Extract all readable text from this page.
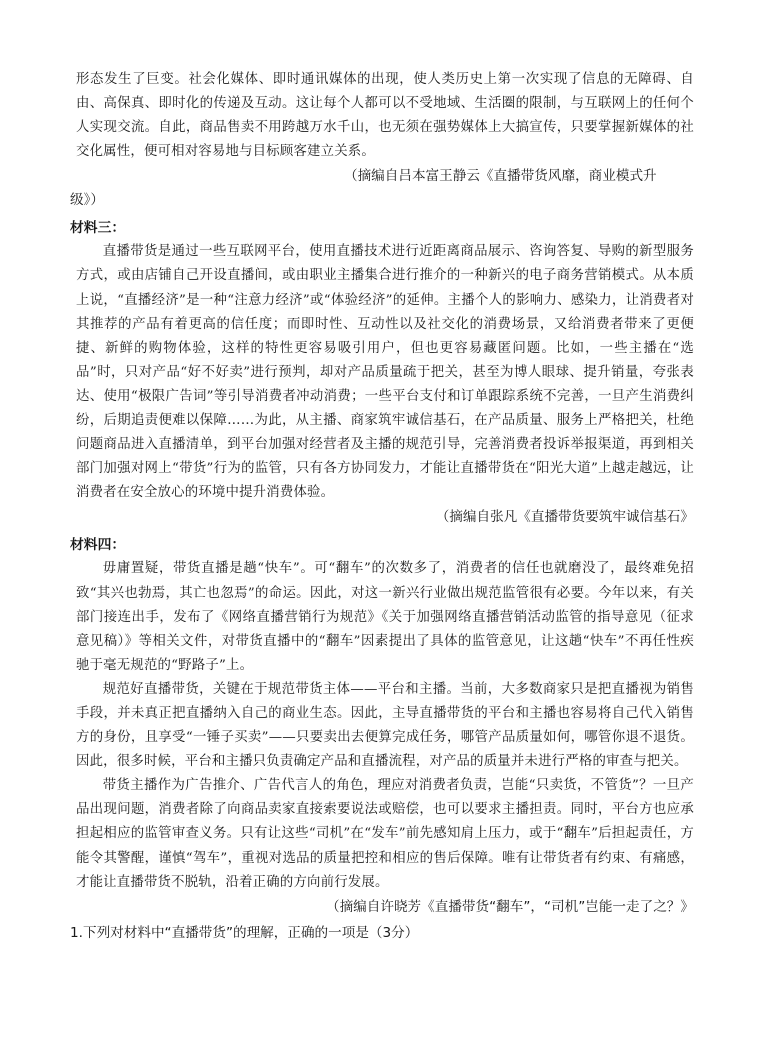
形态发生了巨变。社会化媒体、即时通讯媒体的出现，使人类历史上第一次实现了信息的无障碍、自由、高保真、即时化的传递及互动。这让每个人都可以不受地域、生活圈的限制，与互联网上的任何个人实现交流。自此，商品售卖不用跨越万水千山，也无须在强势媒体上大搞宣传，只要掌握新媒体的社交化属性，便可相对容易地与目标顾客建立关系。

（摘编自吕本富王静云《直播带货风靡，商业模式升

级》）

材料三：

直播带货是通过一些互联网平台，使用直播技术进行近距离商品展示、咨询答复、导购的新型服务方式，或由店铺自己开设直播间，或由职业主播集合进行推介的一种新兴的电子商务营销模式。从本质上说，“直播经济”是一种“注意力经济”或“体验经济”的延伸。主播个人的影响力、感染力，让消费者对其推荐的产品有着更高的信任度；而即时性、互动性以及社交化的消费场景，又给消费者带来了更便捷、新鲜的购物体验，这样的特性更容易吸引用户，但也更容易藏匿问题。比如，一些主播在“选品”时，只对产品“好不好卖”进行预判，却对产品质量疏于把关，甚至为博人眼球、提升销量，夸张表达、使用“极限广告词”等引导消费者冲动消费；一些平台支付和订单跟踪系统不完善，一旦产生消费纠纷，后期追责便难以保障……为此，从主播、商家筑牢诚信基石，在产品质量、服务上严格把关，杜绝问题商品进入直播清单，到平台加强对经营者及主播的规范引导，完善消费者投诉举报渠道，再到相关部门加强对网上“带货”行为的监管，只有各方协同发力，才能让直播带货在“阳光大道”上越走越远，让消费者在安全放心的环境中提升消费体验。

（摘编自张凡《直播带货要筑牢诚信基石》

材料四：

毋庸置疑，带货直播是趟“快车”。可“翻车”的次数多了，消费者的信任也就磨没了，最终难免招致“其兴也勃焉，其亡也忽焉”的命运。因此，对这一新兴行业做出规范监管很有必要。今年以来，有关部门接连出手，发布了《网络直播营销行为规范》《关于加强网络直播营销活动监管的指导意见（征求意见稿）》等相关文件，对带货直播中的“翻车”因素提出了具体的监管意见，让这趟“快车”不再任性疾驰于毫无规范的“野路子”上。

规范好直播带货，关键在于规范带货主体——平台和主播。当前，大多数商家只是把直播视为销售手段，并未真正把直播纳入自己的商业生态。因此，主导直播带货的平台和主播也容易将自己代入销售方的身份，且享受“一锤子买卖”——只要卖出去便算完成任务，哪管产品质量如何，哪管你退不退货。因此，很多时候，平台和主播只负责确定产品和直播流程，对产品的质量并未进行严格的审查与把关。

带货主播作为广告推介、广告代言人的角色，理应对消费者负责，岂能“只卖货，不管货”？一旦产品出现问题，消费者除了向商品卖家直接索要说法或赔偿，也可以要求主播担责。同时，平台方也应承担起相应的监管审查义务。只有让这些“司机”在“发车”前先感知肩上压力，或于“翻车”后担起责任，方能令其警醒，谨慎“驾车”，重视对选品的质量把控和相应的售后保障。唯有让带货者有约束、有痛感，才能让直播带货不脱轨，沿着正确的方向前行发展。

（摘编自许晓芳《直播带货“翻车”，“司机”岂能一走了之？》

1.下列对材料中“直播带货”的理解，正确的一项是（3分）
